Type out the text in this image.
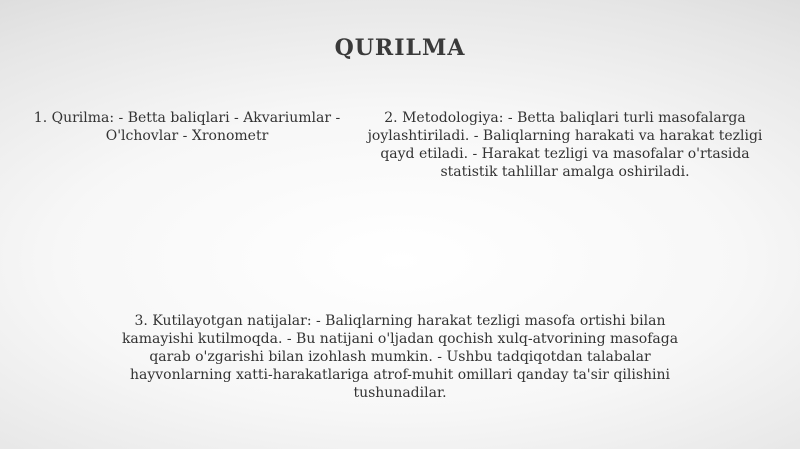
QURILMA

1. Qurilma: - Betta baliqlari - Akvariumlar - O'lchovlar - Xronometr

2. Metodologiya: - Betta baliqlari turli masofalarga joylashtiriladi. - Baliqlarning harakati va harakat tezligi qayd etiladi. - Harakat tezligi va masofalar o'rtasida statistik tahlillar amalga oshiriladi.

3. Kutilayotgan natijalar: - Baliqlarning harakat tezligi masofa ortishi bilan kamayishi kutilmoqda. - Bu natijani o'ljadan qochish xulq-atvorining masofaga qarab o'zgarishi bilan izohlash mumkin. - Ushbu tadqiqotdan talabalar hayvonlarning xatti-harakatlariga atrof-muhit omillari qanday ta'sir qilishini tushunadilar.
